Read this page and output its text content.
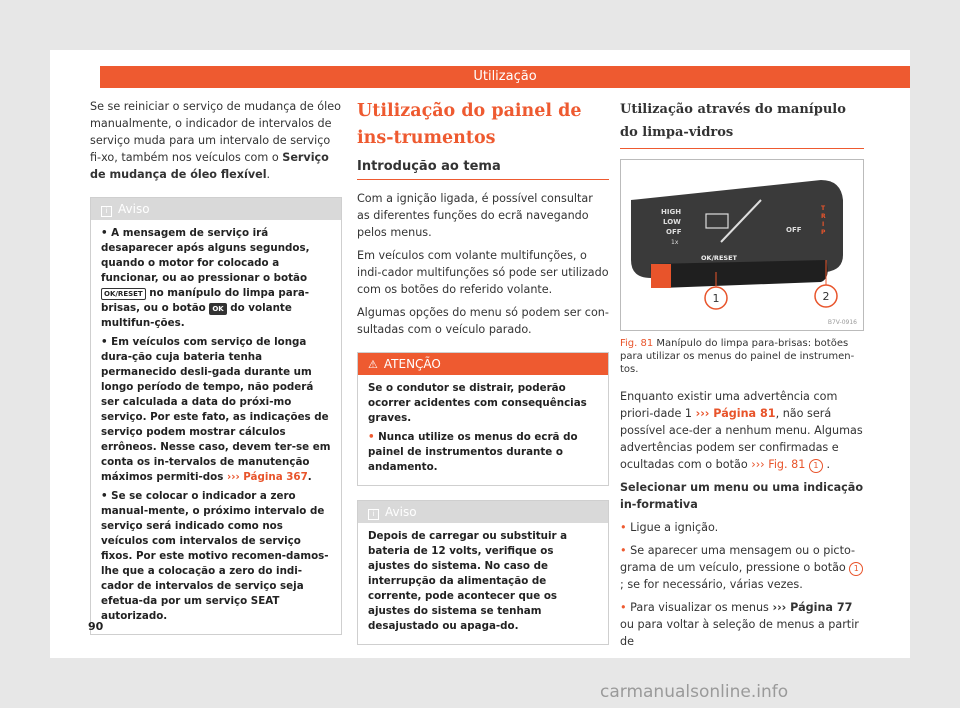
Utilização

Se se reiniciar o serviço de mudança de óleo manualmente, o indicador de intervalos de serviço muda para um intervalo de serviço fi-xo, também nos veículos com o Serviço de mudança de óleo flexível.

i Aviso

• A mensagem de serviço irá desaparecer após alguns segundos, quando o motor for colocado a funcionar, ou ao pressionar o botão OK/RESET no manípulo do limpa para-brisas, ou o botão OK do volante multifun-ções.

• Em veículos com serviço de longa dura-ção cuja bateria tenha permanecido desli-gada durante um longo período de tempo, não poderá ser calculada a data do próxi-mo serviço. Por este fato, as indicações de serviço podem mostrar cálculos errôneos. Nesse caso, devem ter-se em conta os in-tervalos de manutenção máximos permiti-dos ››› Página 367.

• Se se colocar o indicador a zero manual-mente, o próximo intervalo de serviço será indicado como nos veículos com intervalos de serviço fixos. Por este motivo recomen-damos-lhe que a colocação a zero do indi-cador de intervalos de serviço seja efetua-da por um serviço SEAT autorizado.

Utilização do painel de ins-trumentos
Introdução ao tema

Com a ignição ligada, é possível consultar as diferentes funções do ecrã navegando pelos menus.

Em veículos com volante multifunções, o indi-cador multifunções só pode ser utilizado com os botões do referido volante.

Algumas opções do menu só podem ser con-sultadas com o veículo parado.

⚠ ATENÇÃO

Se o condutor se distrair, poderão ocorrer acidentes com consequências graves.

• Nunca utilize os menus do ecrã do painel de instrumentos durante o andamento.

i Aviso

Depois de carregar ou substituir a bateria de 12 volts, verifique os ajustes do sistema. No caso de interrupção da alimentação de corrente, pode acontecer que os ajustes do sistema se tenham desajustado ou apaga-do.

Utilização através do manípulo do limpa-vidros
HIGH
LOW
OFF
1x
OFF
OK/RESET
T
R
I
P
1	2
B7V-0916
Fig. 81 Manípulo do limpa para-brisas: botões para utilizar os menus do painel de instrumen-tos.

Enquanto existir uma advertência com priori-dade 1 ››› Página 81, não será possível ace-der a nenhum menu. Algumas advertências podem ser confirmadas e ocultadas com o botão ››› Fig. 81 1 .

Selecionar um menu ou uma indicação in-formativa

• Ligue a ignição.

• Se aparecer uma mensagem ou o picto-grama de um veículo, pressione o botão 1; se for necessário, várias vezes.

• Para visualizar os menus ››› Página 77 ou para voltar à seleção de menus a partir de

90
carmanualsonline.info
